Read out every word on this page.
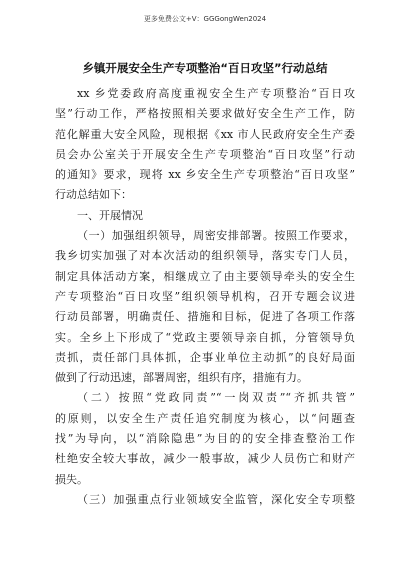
更多免费公文+V：GGGongWen2024
乡镇开展安全生产专项整治“百日攻坚”行动总结
xx 乡党委政府高度重视安全生产专项整治“百日攻
坚”行动工作，严格按照相关要求做好安全生产工作，防
范化解重大安全风险，现根据《xx 市人民政府安全生产委
员会办公室关于开展安全生产专项整治“百日攻坚”行动
的通知》要求，现将 xx 乡安全生产专项整治“百日攻坚”
行动总结如下：
一、开展情况
（一）加强组织领导，周密安排部署。按照工作要求，
我乡切实加强了对本次活动的组织领导，落实专门人员，
制定具体活动方案，相继成立了由主要领导牵头的安全生
产专项整治“百日攻坚”组织领导机构，召开专题会议进
行动员部署，明确责任、措施和目标，促进了各项工作落
实。全乡上下形成了“党政主要领导亲自抓，分管领导负
责抓，责任部门具体抓，企事业单位主动抓”的良好局面
做到了行动迅速，部署周密，组织有序，措施有力。
（二）按照“党政同责”“一岗双责”“齐抓共管”
的原则，以安全生产责任追究制度为核心，以“问题查
找”为导向，以“消除隐患”为目的的安全排查整治工作
杜绝安全较大事故，减少一般事故，减少人员伤亡和财产
损失。
（三）加强重点行业领域安全监管，深化安全专项整
